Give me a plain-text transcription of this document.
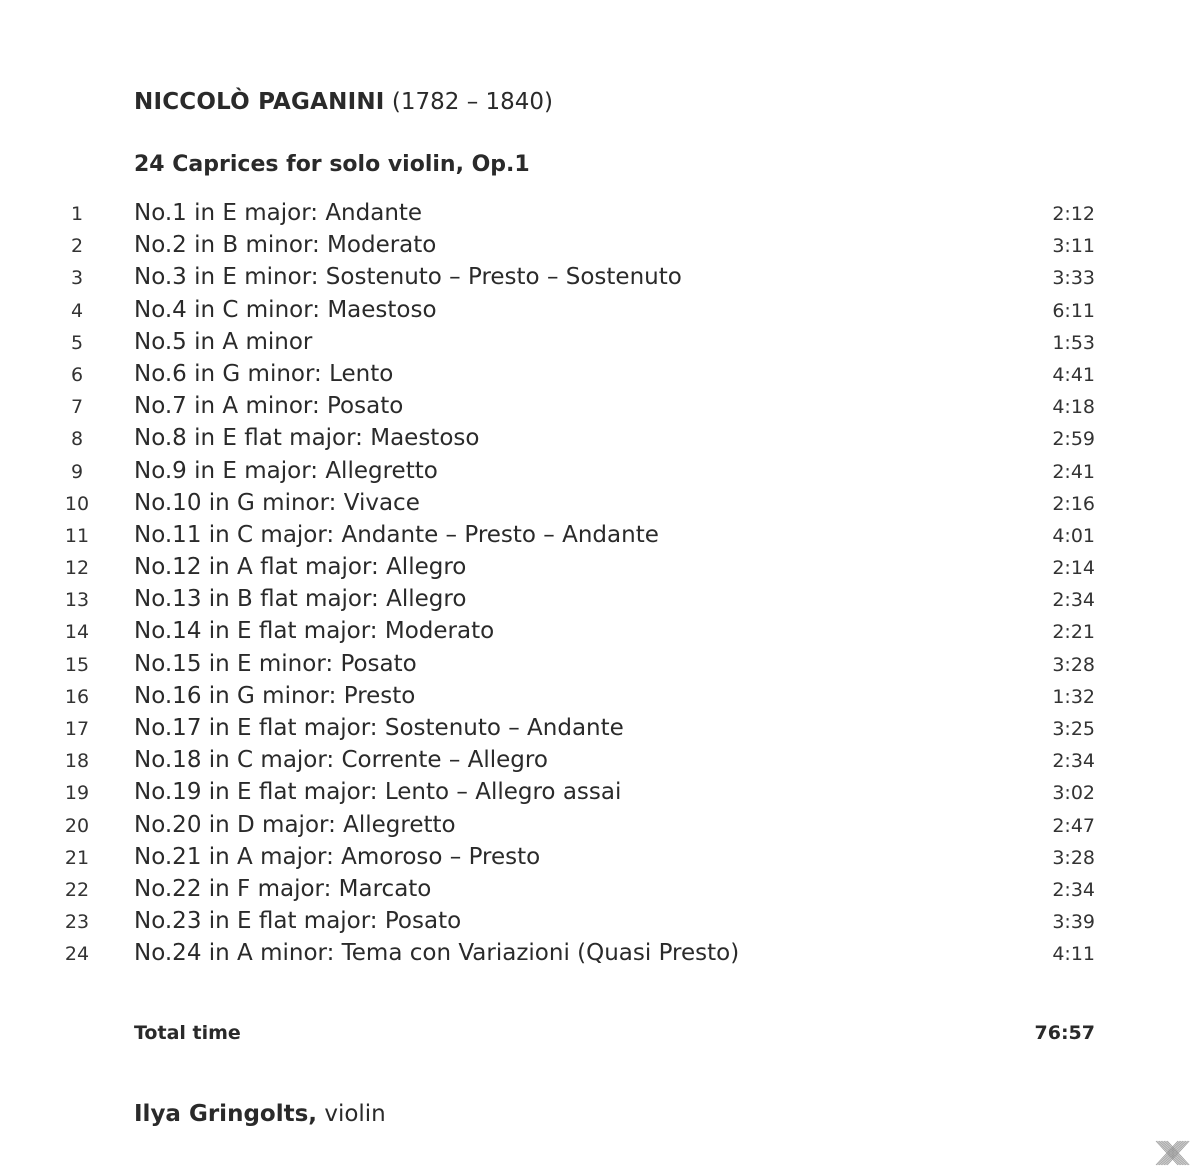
NICCOLÒ PAGANINI (1782 – 1840)
24 Caprices for solo violin, Op.1
1	No.1 in E major: Andante	2:12
2	No.2 in B minor: Moderato	3:11
3	No.3 in E minor: Sostenuto – Presto – Sostenuto	3:33
4	No.4 in C minor: Maestoso	6:11
5	No.5 in A minor	1:53
6	No.6 in G minor: Lento	4:41
7	No.7 in A minor: Posato	4:18
8	No.8 in E flat major: Maestoso	2:59
9	No.9 in E major: Allegretto	2:41
10 No.10 in G minor: Vivace	2:16
11 No.11 in C major: Andante – Presto – Andante	4:01
12 No.12 in A flat major: Allegro	2:14
13 No.13 in B flat major: Allegro	2:34
14 No.14 in E flat major: Moderato	2:21
15 No.15 in E minor: Posato	3:28
16 No.16 in G minor: Presto	1:32
17 No.17 in E flat major: Sostenuto – Andante	3:25
18 No.18 in C major: Corrente – Allegro	2:34
19 No.19 in E flat major: Lento – Allegro assai	3:02
20 No.20 in D major: Allegretto	2:47
21 No.21 in A major: Amoroso – Presto	3:28
22 No.22 in F major: Marcato	2:34
23 No.23 in E flat major: Posato	3:39
24 No.24 in A minor: Tema con Variazioni (Quasi Presto)	4:11
Total time	76:57
Ilya Gringolts, violin
